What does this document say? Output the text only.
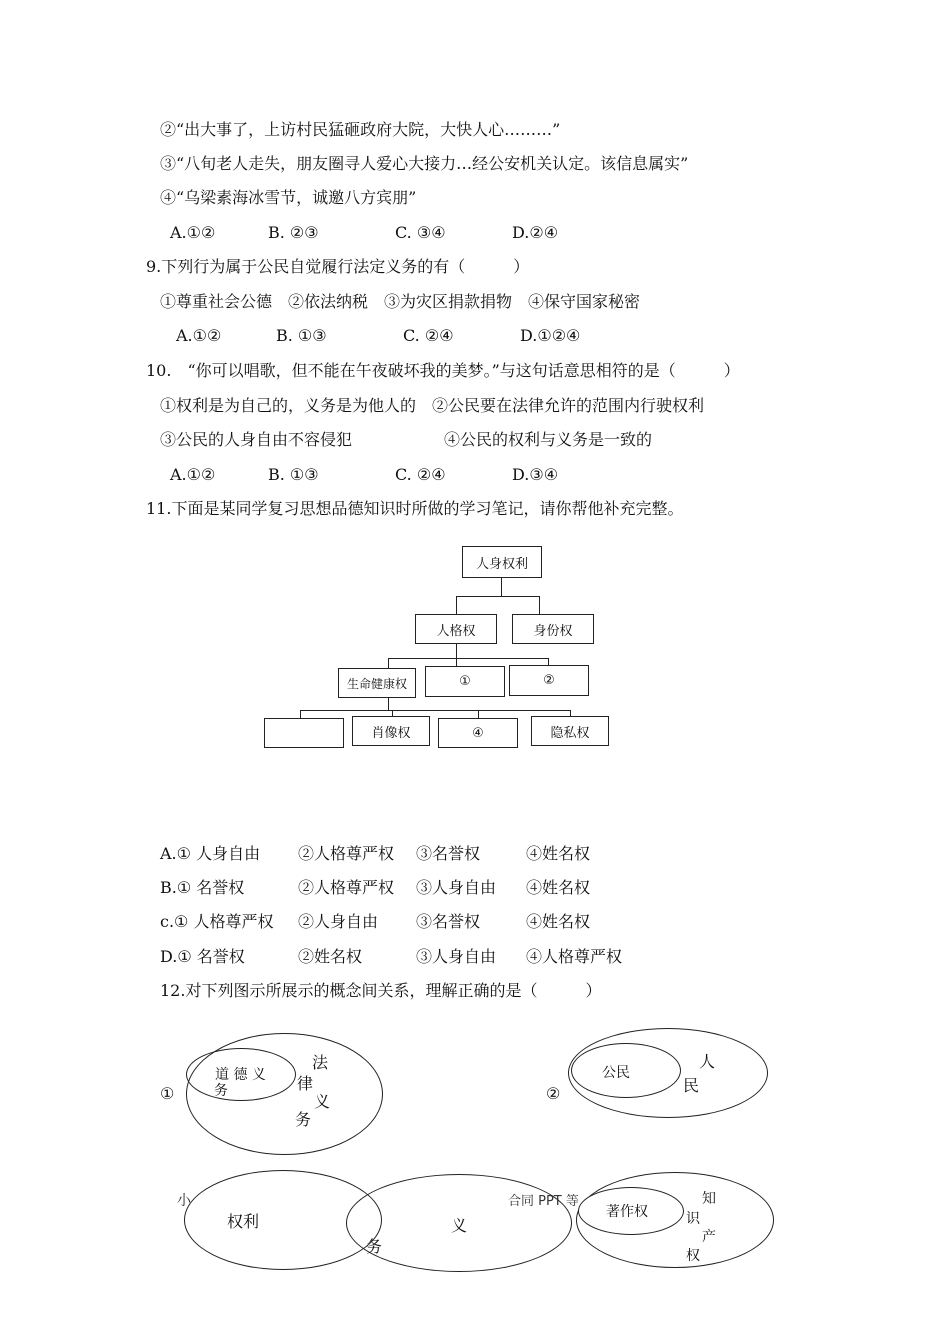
②“出大事了，上访村民猛砸政府大院，大快人心………”
③“八旬老人走失，朋友圈寻人爱心大接力…经公安机关认定。该信息属实”
④“乌梁素海冰雪节，诚邀八方宾朋”
A.①②	B. ②③	C. ③④	D.②④
9.下列行为属于公民自觉履行法定义务的有（　　　）
①尊重社会公德　②依法纳税　③为灾区捐款捐物　④保守国家秘密
A.①②	B. ①③	C. ②④	D.①②④
10.　“你可以唱歌，但不能在午夜破坏我的美梦。”与这句话意思相符的是（　　　）
①权利是为自己的，义务是为他人的　②公民要在法律允许的范围内行驶权利
③公民的人身自由不容侵犯	④公民的权利与义务是一致的
A.①②	B. ①③	C. ②④	D.③④
11.下面是某同学复习思想品德知识时所做的学习笔记，请你帮他补充完整。
人身权利
人格权	身份权
生命健康权	①	②
肖像权	④	隐私权
A.① 人身自由 ②人格尊严权 ③名誉权	④姓名权
B.① 名誉权	②人格尊严权 ③人身自由 ④姓名权
c.① 人格尊严权 ②人身自由 ③名誉权	④姓名权
D.① 名誉权	②姓名权	③人身自由 ④人格尊严权
12.对下列图示所展示的概念间关系，理解正确的是（　　　）
①
道 德 义
务
法
律
义
务
②
公民
人
民
小	合同 PPT 等
权利	义
务
著作权
知
识
产
权
